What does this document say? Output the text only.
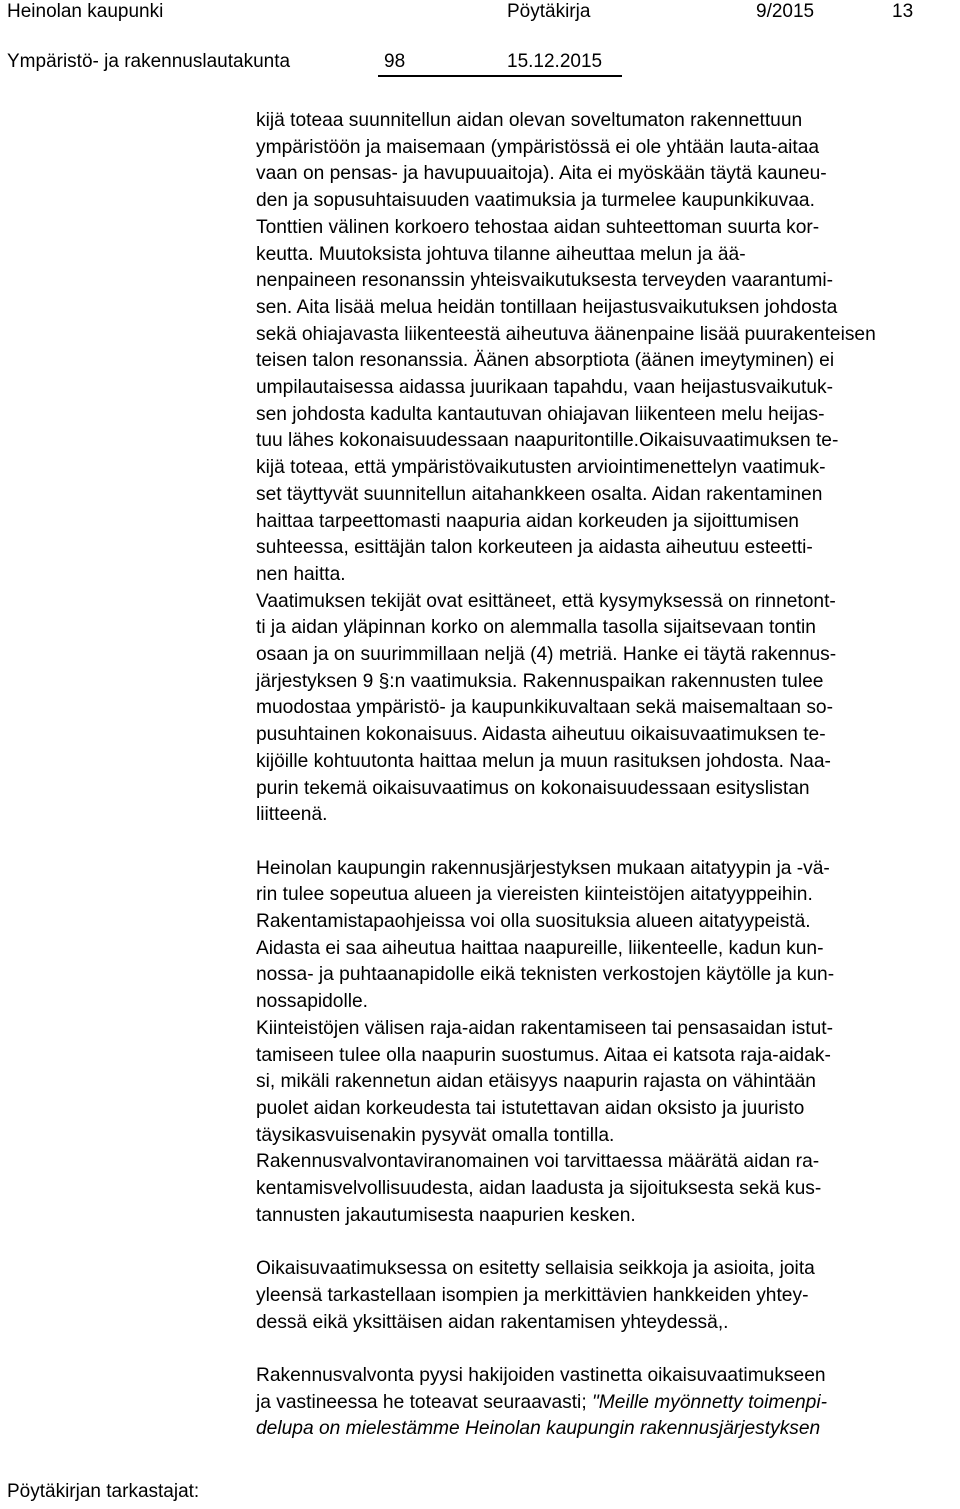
Heinolan kaupunki	Pöytäkirja	9/2015	13
Ympäristö- ja rakennuslautakunta	98	15.12.2015
kijä toteaa suunnitellun aidan olevan soveltumaton rakennettuun
ympäristöön ja maisemaan (ympäristössä ei ole yhtään lauta-aitaa
vaan on pensas- ja havupuuaitoja). Aita ei myöskään täytä kauneu-
den ja sopusuhtaisuuden vaatimuksia ja turmelee kaupunkikuvaa.
Tonttien välinen korkoero tehostaa aidan suhteettoman suurta kor-
keutta. Muutoksista johtuva tilanne aiheuttaa melun ja ää-
nenpaineen resonanssin yhteisvaikutuksesta terveyden vaarantumi-
sen. Aita lisää melua heidän tontillaan heijastusvaikutuksen johdosta
sekä ohiajavasta liikenteestä aiheutuva äänenpaine lisää puurakenteisen
teisen talon resonanssia. Äänen absorptiota (äänen imeytyminen) ei
umpilautaisessa aidassa juurikaan tapahdu, vaan heijastusvaikutuk-
sen johdosta kadulta kantautuvan ohiajavan liikenteen melu heijas-
tuu lähes kokonaisuudessaan naapuritontille.Oikaisuvaatimuksen te-
kijä toteaa, että ympäristövaikutusten arviointimenettelyn vaatimuk-
set täyttyvät suunnitellun aitahankkeen osalta. Aidan rakentaminen
haittaa tarpeettomasti naapuria aidan korkeuden ja sijoittumisen
suhteessa, esittäjän talon korkeuteen ja aidasta aiheutuu esteetti-
nen haitta.
Vaatimuksen tekijät ovat esittäneet, että kysymyksessä on rinnetont-
ti ja aidan yläpinnan korko on alemmalla tasolla sijaitsevaan tontin
osaan ja on suurimmillaan neljä (4) metriä. Hanke ei täytä rakennus-
järjestyksen 9 §:n vaatimuksia. Rakennuspaikan rakennusten tulee
muodostaa ympäristö- ja kaupunkikuvaltaan sekä maisemaltaan so-
pusuhtainen kokonaisuus. Aidasta aiheutuu oikaisuvaatimuksen te-
kijöille kohtuutonta haittaa melun ja muun rasituksen johdosta. Naa-
purin tekemä oikaisuvaatimus on kokonaisuudessaan esityslistan
liitteenä.
Heinolan kaupungin rakennusjärjestyksen mukaan aitatyypin ja -vä-
rin tulee sopeutua alueen ja viereisten kiinteistöjen aitatyyppeihin.
Rakentamistapaohjeissa voi olla suosituksia alueen aitatyypeistä.
Aidasta ei saa aiheutua haittaa naapureille, liikenteelle, kadun kun-
nossa- ja puhtaanapidolle eikä teknisten verkostojen käytölle ja kun-
nossapidolle.
Kiinteistöjen välisen raja-aidan rakentamiseen tai pensasaidan istut-
tamiseen tulee olla naapurin suostumus. Aitaa ei katsota raja-aidak-
si, mikäli rakennetun aidan etäisyys naapurin rajasta on vähintään
puolet aidan korkeudesta tai istutettavan aidan oksisto ja juuristo
täysikasvuisenakin pysyvät omalla tontilla.
Rakennusvalvontaviranomainen voi tarvittaessa määrätä aidan ra-
kentamisvelvollisuudesta, aidan laadusta ja sijoituksesta sekä kus-
tannusten jakautumisesta naapurien kesken.
Oikaisuvaatimuksessa on esitetty sellaisia seikkoja ja asioita, joita
yleensä tarkastellaan isompien ja merkittävien hankkeiden yhtey-
dessä eikä yksittäisen aidan rakentamisen yhteydessä,.
Rakennusvalvonta pyysi hakijoiden vastinetta oikaisuvaatimukseen
ja vastineessa he toteavat seuraavasti; "Meille myönnetty toimenpi-
delupa on mielestämme Heinolan kaupungin rakennusjärjestyksen
Pöytäkirjan tarkastajat:
